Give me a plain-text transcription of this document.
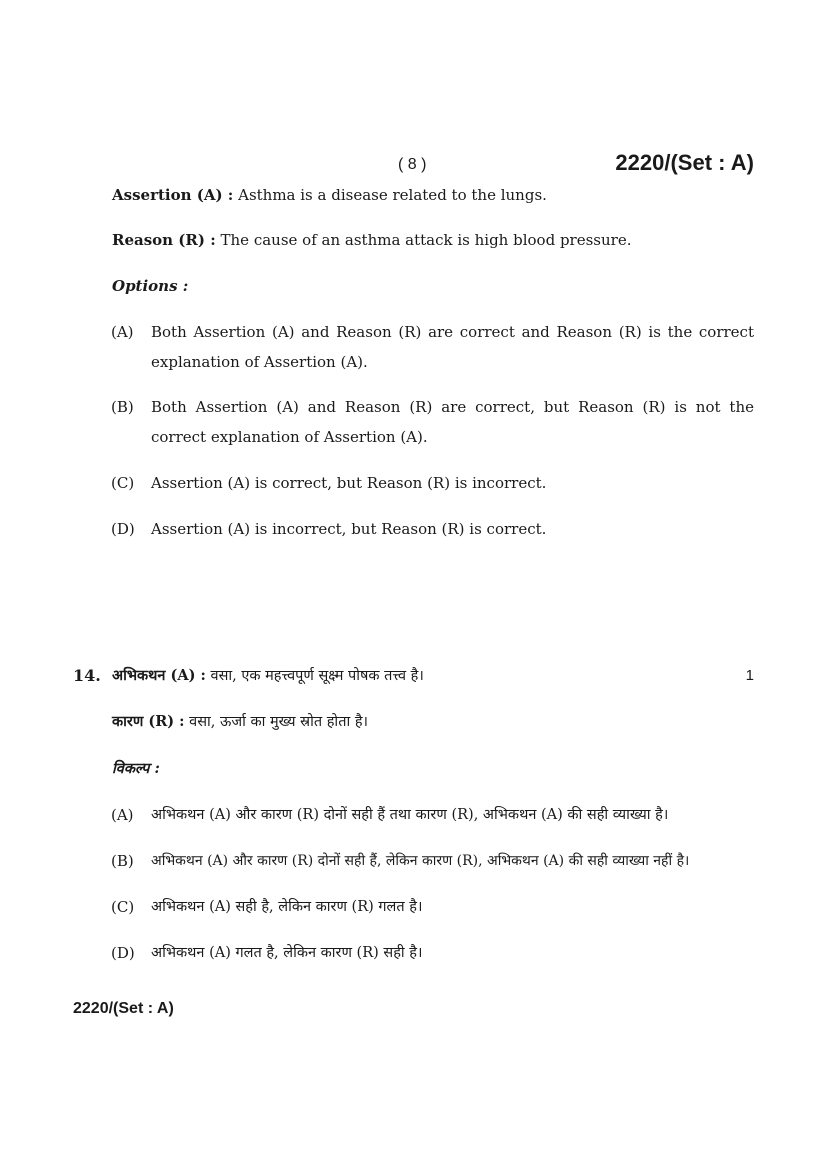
( 8 )	2220/(Set : A)
Assertion (A) : Asthma is a disease related to the lungs.
Reason (R) : The cause of an asthma attack is high blood pressure.
Options :
(A)	Both Assertion (A) and Reason (R) are correct and Reason (R) is the correct explanation of Assertion (A).
(B)	Both Assertion (A) and Reason (R) are correct, but Reason (R) is not the correct explanation of Assertion (A).
(C)	Assertion (A) is correct, but Reason (R) is incorrect.
(D)	Assertion (A) is incorrect, but Reason (R) is correct.
14.	1
अभिकथन (A) : वसा, एक महत्त्वपूर्ण सूक्ष्म पोषक तत्त्व है।
कारण (R) : वसा, ऊर्जा का मुख्य स्रोत होता है।
विकल्प :
(A)	अभिकथन (A) और कारण (R) दोनों सही हैं तथा कारण (R), अभिकथन (A) की सही व्याख्या है।
(B)	अभिकथन (A) और कारण (R) दोनों सही हैं, लेकिन कारण (R), अभिकथन (A) की सही व्याख्या नहीं है।
(C)	अभिकथन (A) सही है, लेकिन कारण (R) गलत है।
(D)	अभिकथन (A) गलत है, लेकिन कारण (R) सही है।
2220/(Set : A)
